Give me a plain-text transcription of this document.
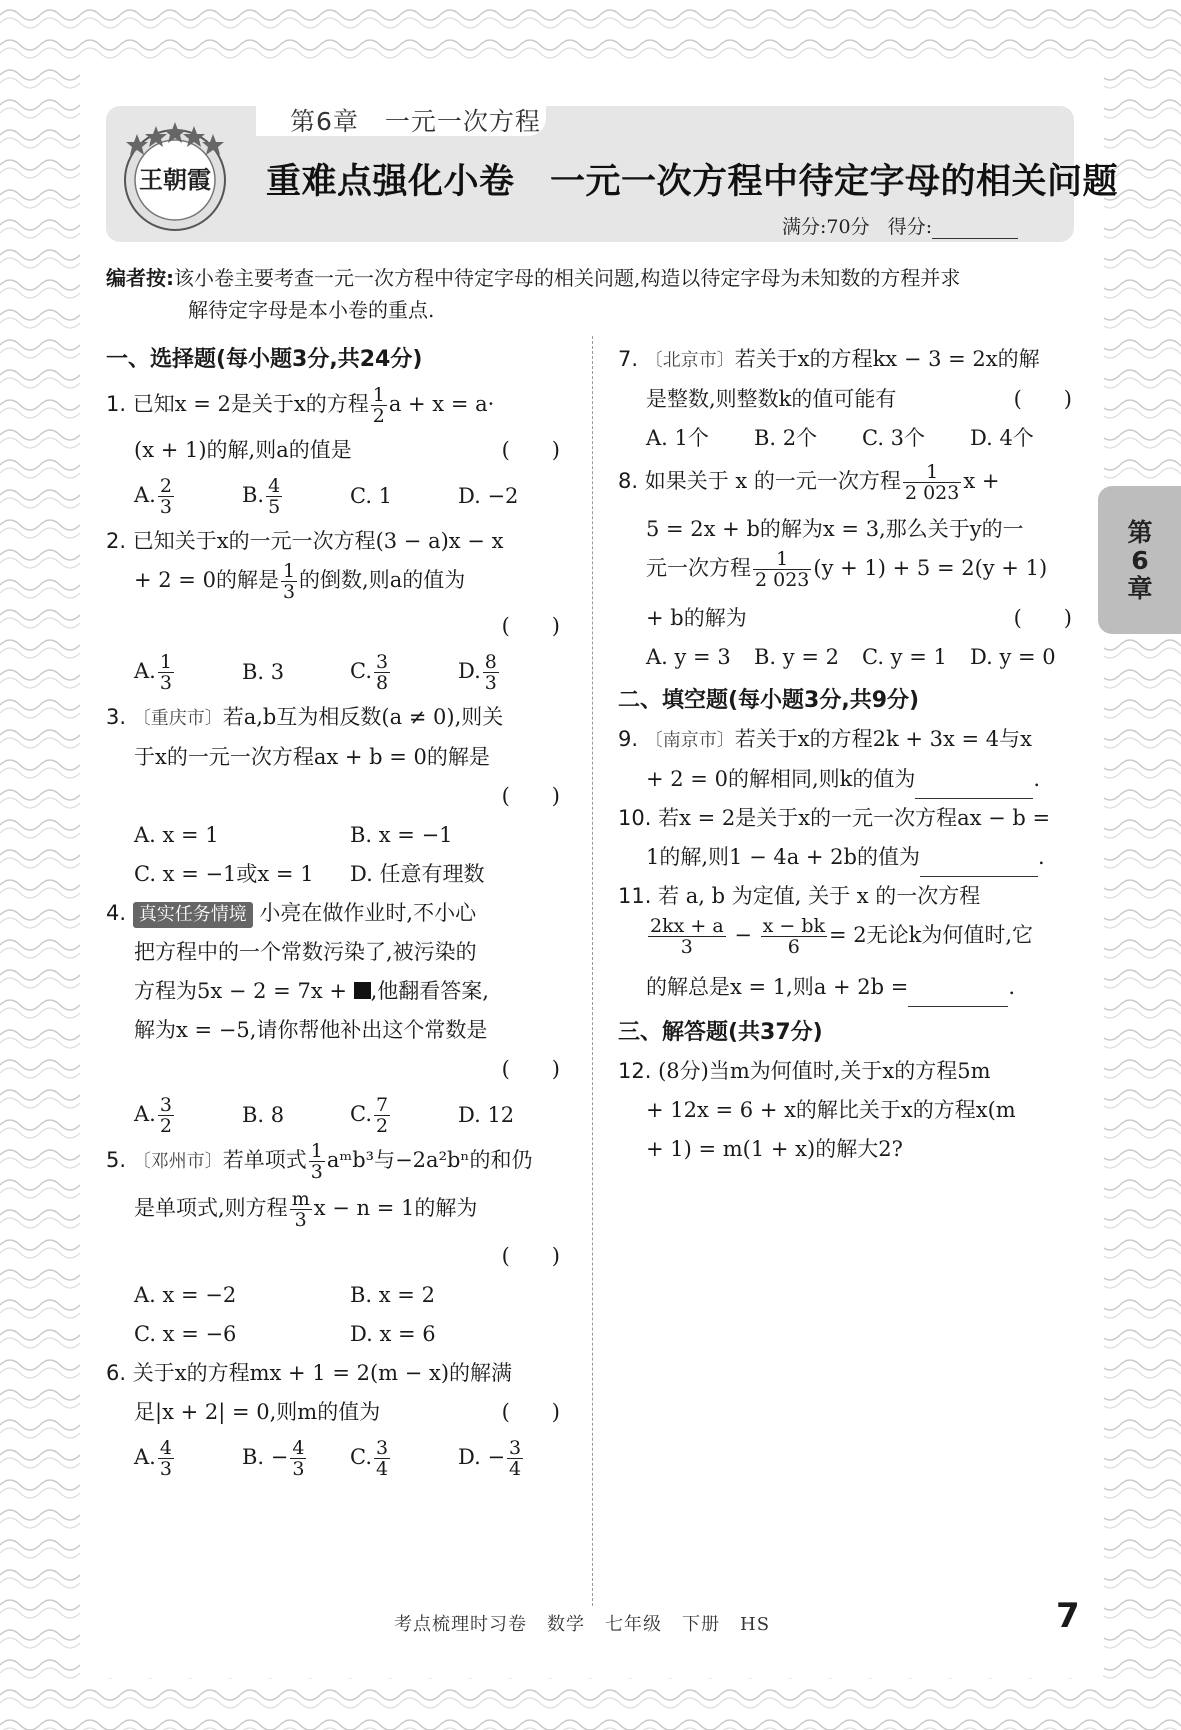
第6章　一元一次方程
王朝霞 重难点强化小卷　一元一次方程中待定字母的相关问题
满分:70分 得分:
编者按:该小卷主要考查一元一次方程中待定字母的相关问题,构造以待定字母为未知数的方程并求
解待定字母是本小卷的重点.
一、选择题(每小题3分,共24分)
1. 已知x = 2是关于x的方程 $\frac{1}{2}$ a + x = a·
(x + 1)的解,则a的值是	(　　)
A. $\frac{2}{3}$	B. $\frac{4}{5}$	C. 1	D. −2
2. 已知关于x的一元一次方程(3 − a)x − x
+ 2 = 0的解是 $\frac{1}{3}$ 的倒数,则a的值为
(　　)
A. $\frac{1}{3}$	B. 3	C. $\frac{3}{8}$	D. $\frac{8}{3}$
3. 〔重庆市〕若a,b互为相反数(a ≠ 0),则关
于x的一元一次方程ax + b = 0的解是
(　　)
A. x = 1	B. x = −1
C. x = −1或x = 1	D. 任意有理数
4. 真实任务情境 小亮在做作业时,不小心
把方程中的一个常数污染了,被污染的
方程为5x − 2 = 7x + ,他翻看答案,
解为x = −5,请你帮他补出这个常数是
(　　)
A. $\frac{3}{2}$	B. 8	C. $\frac{7}{2}$	D. 12
5. 〔邓州市〕若单项式 $\frac{1}{3}$ aᵐb³与−2a²bⁿ的和仍
是单项式,则方程 $\frac{m}{3}$ x − n = 1的解为
(　　)
A. x = −2	B. x = 2
C. x = −6	D. x = 6
6. 关于x的方程mx + 1 = 2(m − x)的解满
足|x + 2| = 0,则m的值为	(　　)
A. $\frac{4}{3}$	B. − $\frac{4}{3} C$. $\frac{3}{4}$	D. − $\frac{3}{4}$
7. 〔北京市〕若关于x的方程kx − 3 = 2x的解
是整数,则整数k的值可能有	(　　)
A. 1个	B. 2个	C. 3个	D. 4个
8. 如果关于 x 的一元一次方程 $\frac{1}{2 023}$ x +
5 = 2x + b的解为x = 3,那么关于y的一
元一次方程 $\frac{1}{2 023} (y + 1) + 5 = 2(y + 1)$
+ b的解为	(　　)
A. y = 3	B. y = 2	C. y = 1	D. y = 0
二、填空题(每小题3分,共9分)
9. 〔南京市〕若关于x的方程2k + 3x = 4与x
+ 2 = 0的解相同,则k的值为	.
10. 若x = 2是关于x的一元一次方程ax − b =
1的解,则1 − 4a + 2b的值为	.
11. 若 a, b 为定值, 关于 x 的一次方程
$\frac{2kx + a}{3} - \frac{x - bk}{6} = 2$无论k为何值时,它
的解总是x = 1,则a + 2b =	.
三、解答题(共37分)
12. (8分)当m为何值时,关于x的方程5m
+ 12x = 6 + x的解比关于x的方程x(m
+ 1) = m(1 + x)的解大2?
第
6
章
考点梳理时习卷 数学 七年级 下册 HS	7
